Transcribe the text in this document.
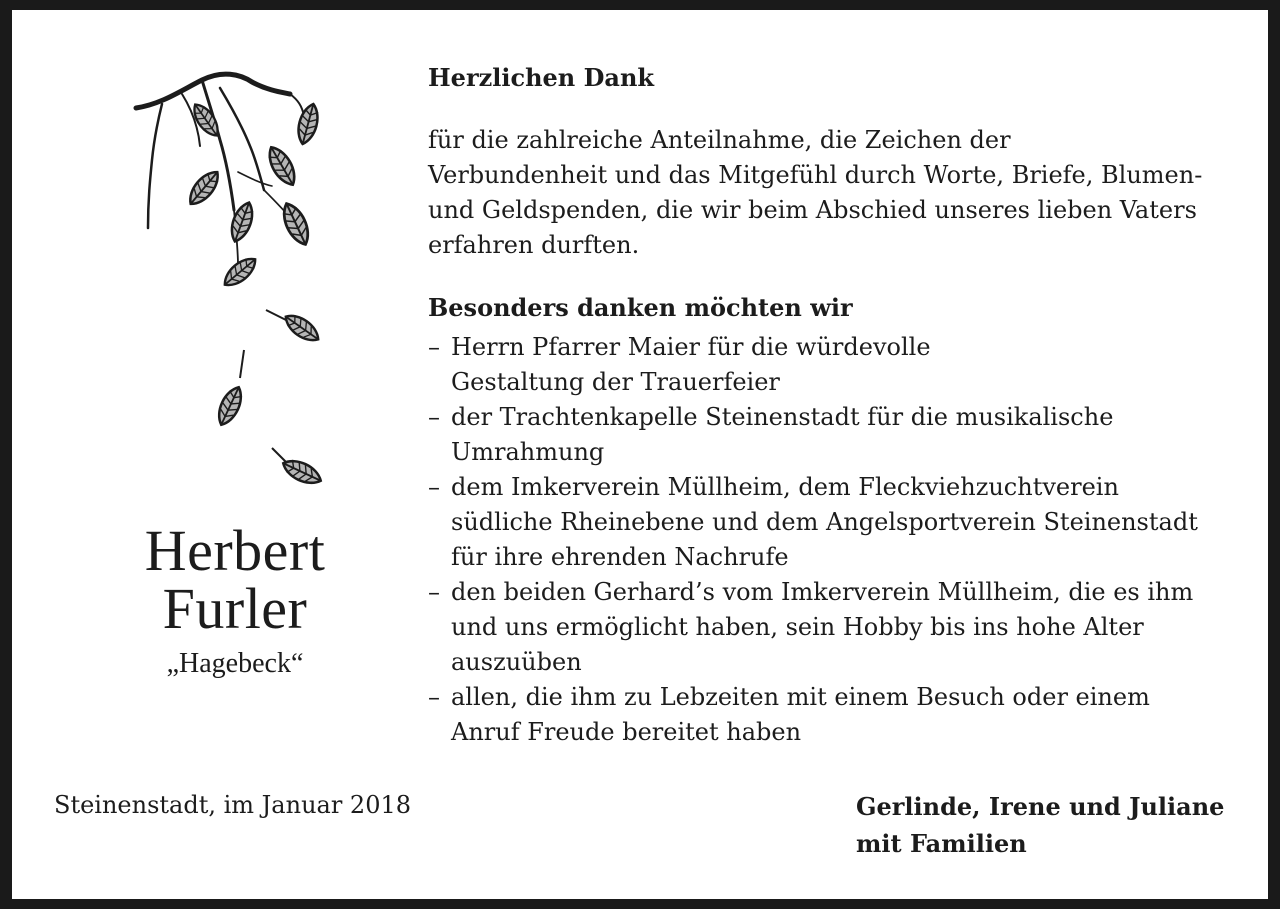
Herbert
Furler
„Hagebeck“

Herzlichen Dank

für die zahlreiche Anteilnahme, die Zeichen der
Verbundenheit und das Mitgefühl durch Worte, Briefe, Blumen-
und Geldspenden, die wir beim Abschied unseres lieben Vaters
erfahren durften.

Besonders danken möchten wir

– Herrn Pfarrer Maier für die würdevolle
Gestaltung der Trauerfeier
– der Trachtenkapelle Steinenstadt für die musikalische
Umrahmung
– dem Imkerverein Müllheim, dem Fleckviehzuchtverein
südliche Rheinebene und dem Angelsportverein Steinenstadt
für ihre ehrenden Nachrufe
– den beiden Gerhard’s vom Imkerverein Müllheim, die es ihm
und uns ermöglicht haben, sein Hobby bis ins hohe Alter
auszuüben
– allen, die ihm zu Lebzeiten mit einem Besuch oder einem
Anruf Freude bereitet haben
Steinenstadt, im Januar 2018	Gerlinde, Irene und Juliane
mit Familien
